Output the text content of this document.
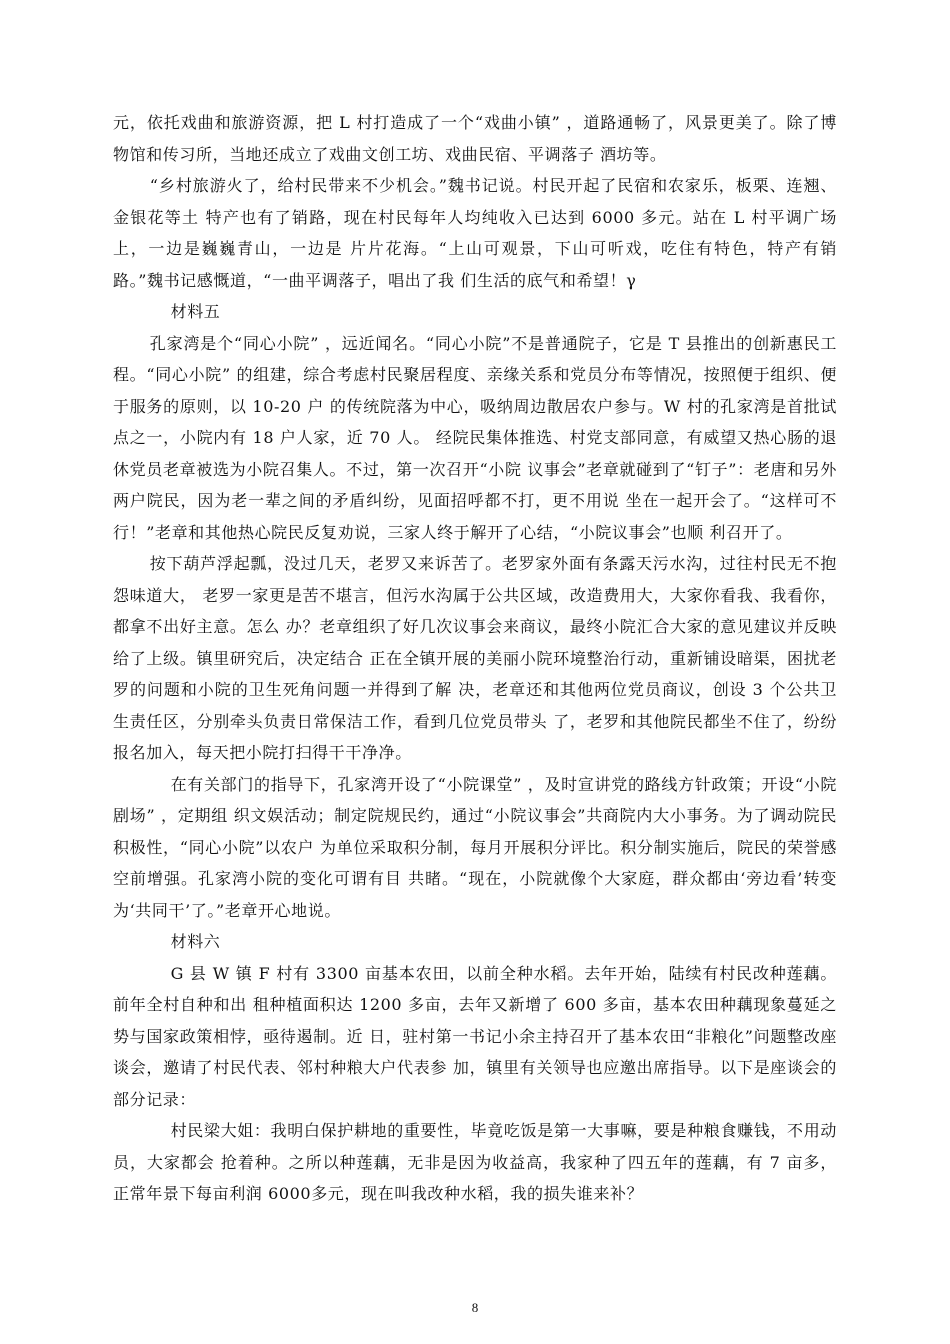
元，依托戏曲和旅游资源，把 L 村打造成了一个“戏曲小镇” ，道路通畅了，风景更美了。除了博物馆和传习所，当地还成立了戏曲文创工坊、戏曲民宿、平调落子 酒坊等。

“乡村旅游火了，给村民带来不少机会。”魏书记说。村民开起了民宿和农家乐，板栗、连翘、金银花等土 特产也有了销路，现在村民每年人均纯收入已达到 6000 多元。站在 L 村平调广场上，一边是巍巍青山，一边是 片片花海。“上山可观景，下山可听戏，吃住有特色，特产有销路。”魏书记感慨道，“一曲平调落子，唱出了我 们生活的底气和希望！γ

材料五

孔家湾是个“同心小院” ，远近闻名。“同心小院”不是普通院子，它是 T 县推出的创新惠民工程。“同心小院” 的组建，综合考虑村民聚居程度、亲缘关系和党员分布等情况，按照便于组织、便于服务的原则，以 10-20 户 的传统院落为中心，吸纳周边散居农户参与。W 村的孔家湾是首批试点之一，小院内有 18 户人家，近 70 人。 经院民集体推选、村党支部同意，有威望又热心肠的退休党员老章被选为小院召集人。不过，第一次召开“小院 议事会”老章就碰到了“钉子”：老唐和另外两户院民，因为老一辈之间的矛盾纠纷，见面招呼都不打，更不用说 坐在一起开会了。“这样可不行！”老章和其他热心院民反复劝说，三家人终于解开了心结，“小院议事会”也顺 利召开了。

按下葫芦浮起瓢，没过几天，老罗又来诉苦了。老罗家外面有条露天污水沟，过往村民无不抱怨味道大， 老罗一家更是苦不堪言，但污水沟属于公共区域，改造费用大，大家你看我、我看你，都拿不出好主意。怎么 办？老章组织了好几次议事会来商议，最终小院汇合大家的意见建议并反映给了上级。镇里研究后，决定结合 正在全镇开展的美丽小院环境整治行动，重新铺设暗渠，困扰老罗的问题和小院的卫生死角问题一并得到了解 决，老章还和其他两位党员商议，创设 3 个公共卫生责任区，分别牵头负责日常保洁工作，看到几位党员带头 了，老罗和其他院民都坐不住了，纷纷报名加入，每天把小院打扫得干干净净。

在有关部门的指导下，孔家湾开设了“小院课堂” ，及时宣讲党的路线方针政策；开设“小院剧场” ，定期组 织文娱活动；制定院规民约，通过“小院议事会”共商院内大小事务。为了调动院民积极性，“同心小院”以农户 为单位采取积分制，每月开展积分评比。积分制实施后，院民的荣誉感空前增强。孔家湾小院的变化可谓有目 共睹。“现在，小院就像个大家庭，群众都由‘旁边看’转变为‘共同干’了。”老章开心地说。

材料六

G 县 W 镇 F 村有 3300 亩基本农田，以前全种水稻。去年开始，陆续有村民改种莲藕。前年全村自种和出 租种植面积达 1200 多亩，去年又新增了 600 多亩，基本农田种藕现象蔓延之势与国家政策相悖，亟待遏制。近 日，驻村第一书记小余主持召开了基本农田“非粮化”问题整改座谈会，邀请了村民代表、邻村种粮大户代表参 加，镇里有关领导也应邀出席指导。以下是座谈会的部分记录：

村民梁大姐：我明白保护耕地的重要性，毕竟吃饭是第一大事嘛，要是种粮食赚钱，不用动员，大家都会 抢着种。之所以种莲藕，无非是因为收益高，我家种了四五年的莲藕，有 7 亩多，正常年景下每亩利润 6000多元，现在叫我改种水稻，我的损失谁来补？

8
